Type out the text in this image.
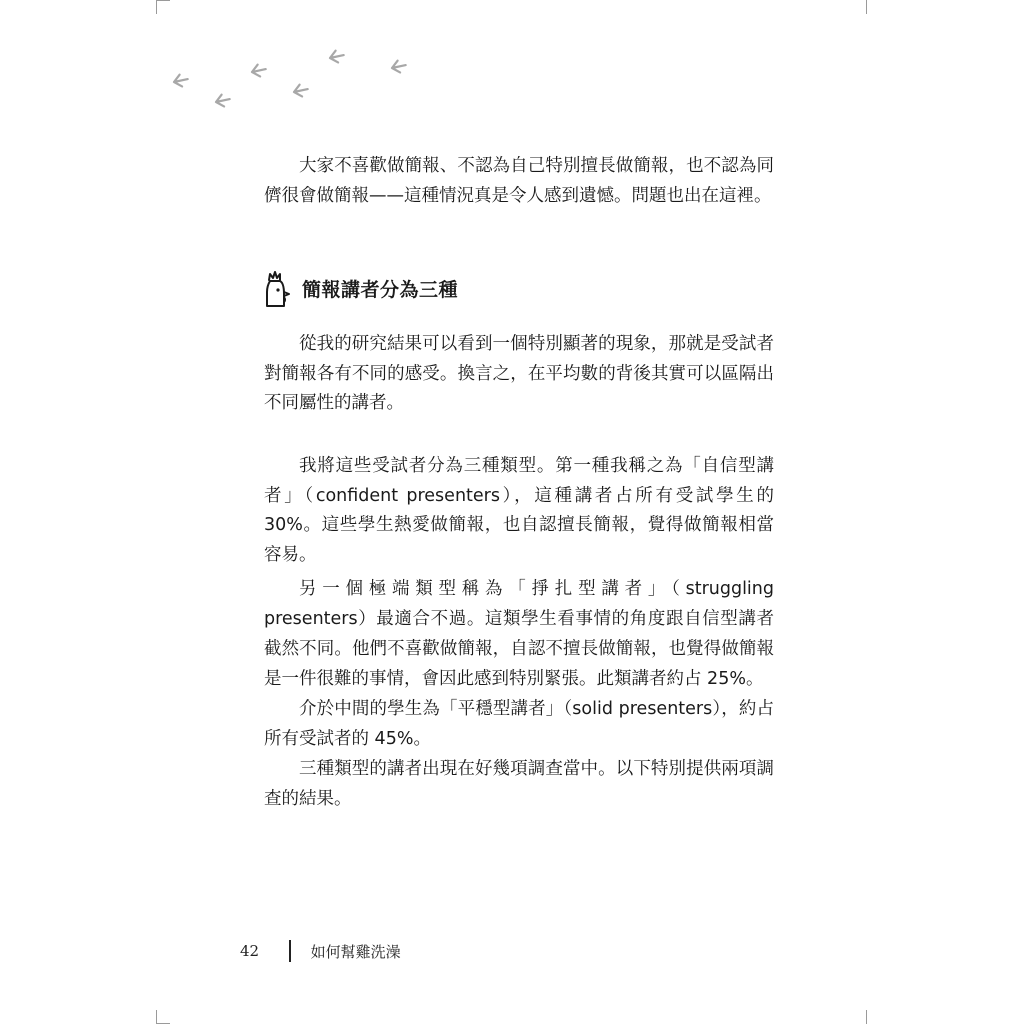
大家不喜歡做簡報、不認為自己特別擅長做簡報，也不認為同儕很會做簡報——這種情況真是令人感到遺憾。問題也出在這裡。

簡報講者分為三種

從我的研究結果可以看到一個特別顯著的現象，那就是受試者對簡報各有不同的感受。換言之，在平均數的背後其實可以區隔出不同屬性的講者。

我將這些受試者分為三種類型。第一種我稱之為「自信型講者」（confident presenters），這種講者占所有受試學生的 30%。這些學生熱愛做簡報，也自認擅長簡報，覺得做簡報相當容易。

另一個極端類型稱為「掙扎型講者」（struggling presenters）最適合不過。這類學生看事情的角度跟自信型講者截然不同。他們不喜歡做簡報，自認不擅長做簡報，也覺得做簡報是一件很難的事情，會因此感到特別緊張。此類講者約占 25%。

介於中間的學生為「平穩型講者」（solid presenters），約占所有受試者的 45%。

三種類型的講者出現在好幾項調查當中。以下特別提供兩項調查的結果。

42	如何幫雞洗澡
